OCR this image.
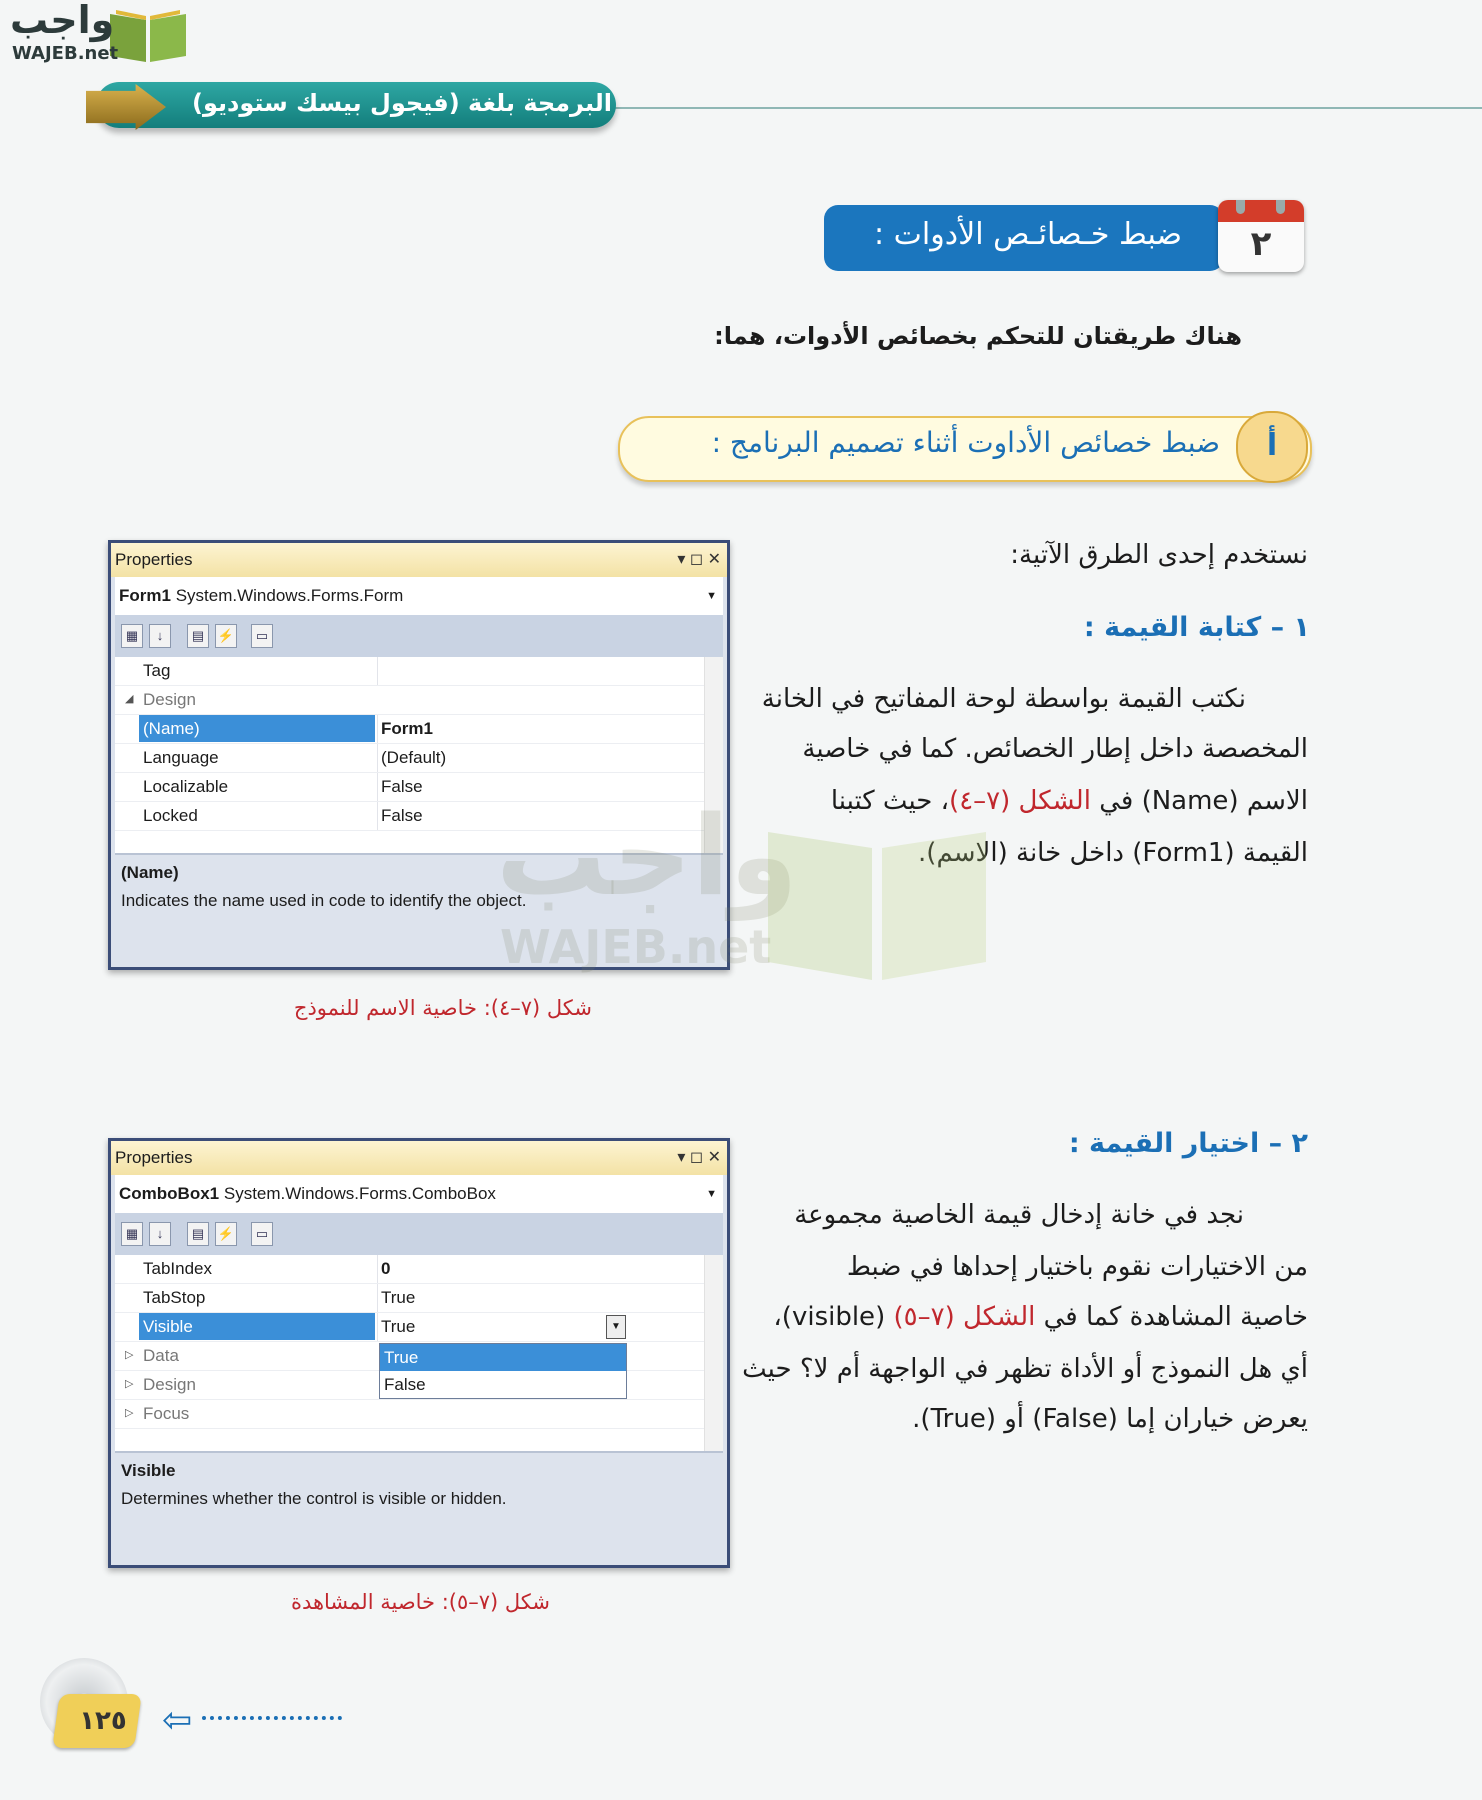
البرمجة بلغة (فيجول بيسك ستوديو)
واجب
WAJEB.net
ضبط خـصائـص الأدوات :	٢
هناك طريقتان للتحكم بخصائص الأدوات، هما:
ضبط خصائص الأداوت أثناء تصميم البرنامج :	أ
نستخدم إحدى الطرق الآتية:
١ – كتابة القيمة :
نكتب القيمة بواسطة لوحة المفاتيح في الخانة
المخصصة داخل إطار الخصائص. كما في خاصية
الاسم (Name) في الشكل (٧–٤)، حيث كتبنا
القيمة (Form1) داخل خانة (الاسم).
٢ – اختيار القيمة :
نجد في خانة إدخال قيمة الخاصية مجموعة
من الاختيارات نقوم باختيار إحداها في ضبط
خاصية المشاهدة كما في الشكل (٧–٥) (visible)،
أي هل النموذج أو الأداة تظهر في الواجهة أم لا؟ حيث
يعرض خياران إما (False) أو (True).
Properties	▾ ◻ ✕
Form1 System.Windows.Forms.Form	▼
▦	↓	▤	⚡	▭
Tag
◢ Design
(Name)	Form1
Language	(Default)
Localizable	False
Locked	False
(Name)
Indicates the name used in code to identify the object.
شكل (٧–٤): خاصية الاسم للنموذج
Properties	▾ ◻ ✕
ComboBox1 System.Windows.Forms.ComboBox	▼
▦	↓	▤	⚡	▭
TabIndex	0
TabStop	True
Visible	True	▼
▷ Data
▷ Design
▷ Focus
True
False
Visible
Determines whether the control is visible or hidden.
شكل (٧–٥): خاصية المشاهدة
واجب
WAJEB.net
١٢٥ ⇦
